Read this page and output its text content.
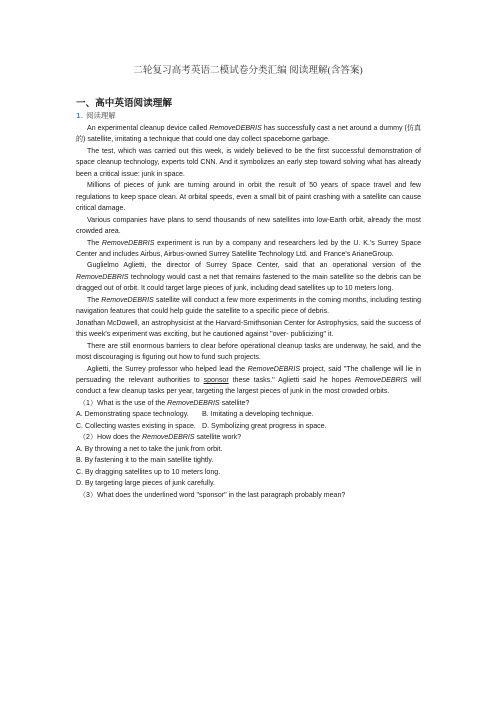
二轮复习高考英语二模试卷分类汇编 阅读理解(含答案)
一、高中英语阅读理解
1. 阅读理解

An experimental cleanup device called RemoveDEBRIS has successfully cast a net around a dummy (仿真的) satellite, imitating a technique that could one day collect spaceborne garbage.

The test, which was carried out this week, is widely believed to be the first successful demonstration of space cleanup technology, experts told CNN. And it symbolizes an early step toward solving what has already been a critical issue: junk in space.

Millions of pieces of junk are turning around in orbit the result of 50 years of space travel and few regulations to keep space clean. At orbital speeds, even a small bit of paint crashing with a satellite can cause critical damage.

Various companies have plans to send thousands of new satellites into low-Earth orbit, already the most crowded area.

The RemoveDEBRIS experiment is run by a company and researchers led by the U. K.'s Surrey Space Center and includes Airbus, Airbus-owned Surrey Satellite Technology Ltd. and France's ArianeGroup.

Guglielmo Aglietti, the director of Surrey Space Center, said that an operational version of the RemoveDEBRIS technology would cast a net that remains fastened to the main satellite so the debris can be dragged out of orbit. It could target large pieces of junk, including dead satellites up to 10 meters long.

The RemoveDEBRIS satellite will conduct a few more experiments in the coming months, including testing navigation features that could help guide the satellite to a specific piece of debris.

Jonathan McDowell, an astrophysicist at the Harvard-Smithsonian Center for Astrophysics, said the success of this week's experiment was exciting, but he cautioned against "over- publicizing" it.

There are still enormous barriers to clear before operational cleanup tasks are underway, he said, and the most discouraging is figuring out how to fund such projects.

Aglietti, the Surrey professor who helped lead the RemoveDEBRIS project, said "The challenge will lie in persuading the relevant authorities to sponsor these tasks." Aglietti said he hopes RemoveDEBRIS will conduct a few cleanup tasks per year, targeting the largest pieces of junk in the most crowded orbits.

（1）What is the use of the RemoveDEBRIS satellite?

A. Demonstrating space technology.	B. Imitating a developing technique.
C. Collecting wastes existing in space. D. Symbolizing great progress in space.

（2）How does the RemoveDEBRIS satellite work?

A. By throwing a net to take the junk from orbit.

B. By fastening it to the main satellite tightly.

C. By dragging satellites up to 10 meters long.

D. By targeting large pieces of junk carefully.

（3）What does the underlined word "sponsor" in the last paragraph probably mean?
